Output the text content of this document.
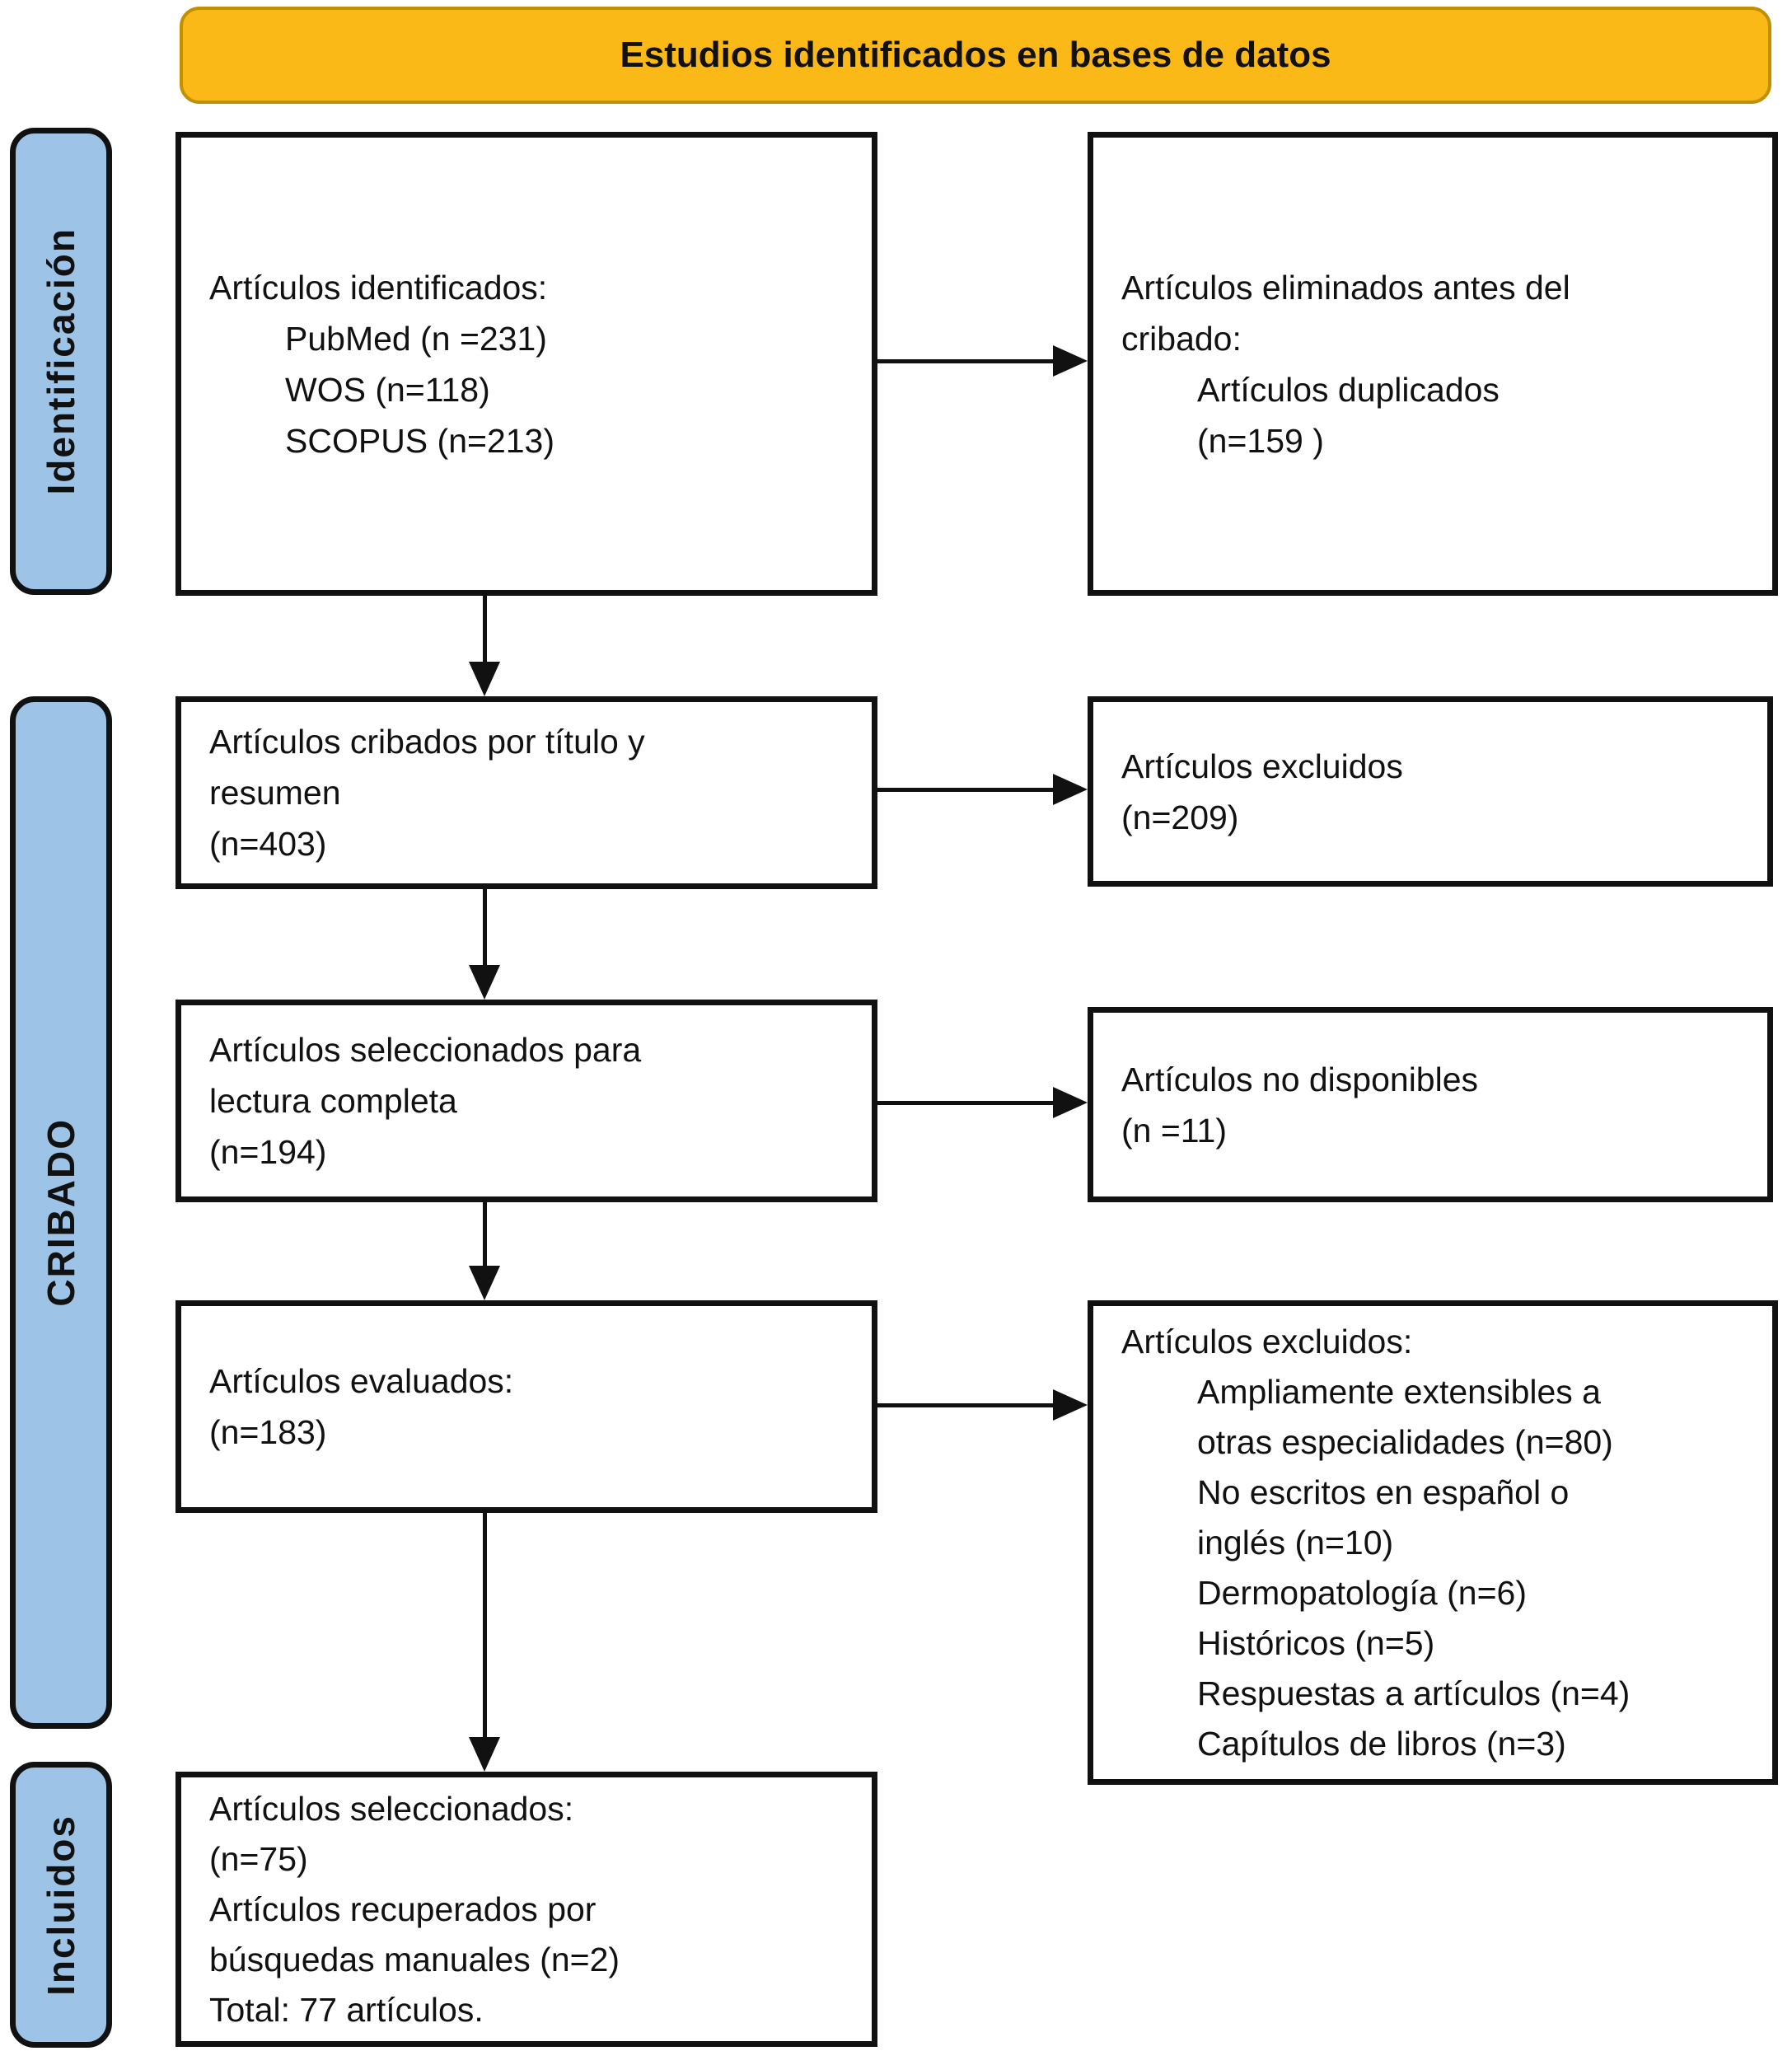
Estudios identificados en bases de datos
Identificación
CRIBADO
Incluidos
Artículos identificados:
PubMed (n =231)
WOS (n=118)
SCOPUS (n=213)
Artículos eliminados antes del
cribado:
Artículos duplicados
(n=159 )
Artículos cribados por título y
resumen
(n=403)
Artículos excluidos
(n=209)
Artículos seleccionados para
lectura completa
(n=194)
Artículos no disponibles
(n =11)
Artículos evaluados:
(n=183)
Artículos excluidos:
Ampliamente extensibles a
otras especialidades (n=80)
No escritos en español o
inglés (n=10)
Dermopatología (n=6)
Históricos (n=5)
Respuestas a artículos (n=4)
Capítulos de libros (n=3)
Artículos seleccionados:
(n=75)
Artículos recuperados por
búsquedas manuales (n=2)
Total: 77 artículos.
